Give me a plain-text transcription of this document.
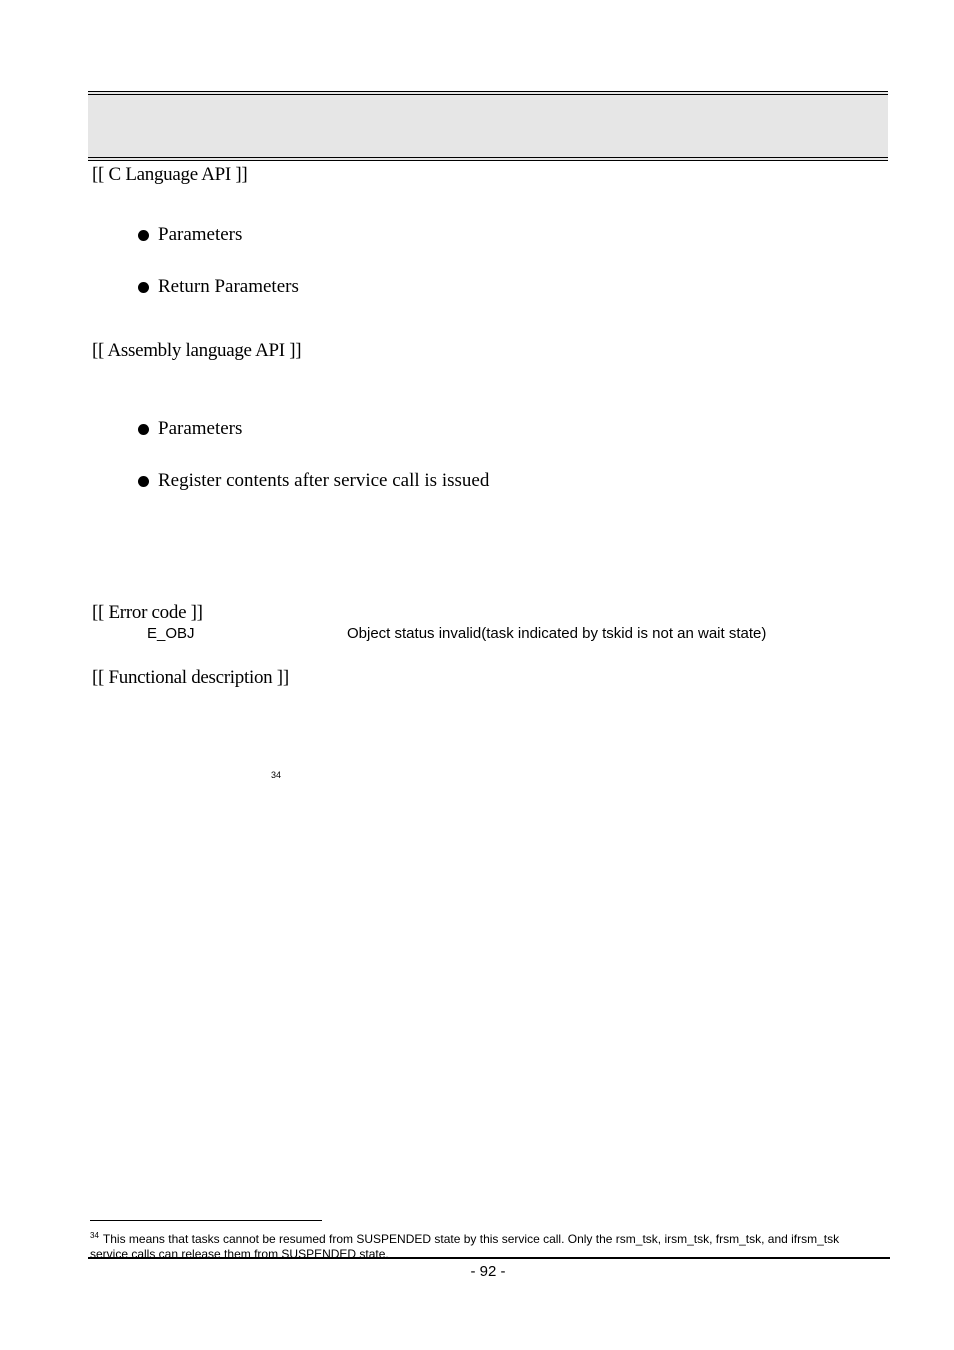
[[ C Language API ]]
Parameters
Return Parameters
[[ Assembly language API ]]
Parameters
Register contents after service call is issued
[[ Error code ]]
E_OBJ	Object status invalid(task indicated by tskid is not an wait state)
[[ Functional description ]]
34
$^{34}$ This means that tasks cannot be resumed from SUSPENDED state by this service call. Only the rsm_tsk, irsm_tsk, frsm_tsk, and ifrsm_tsk service calls can release them from SUSPENDED state.
- 92 -
